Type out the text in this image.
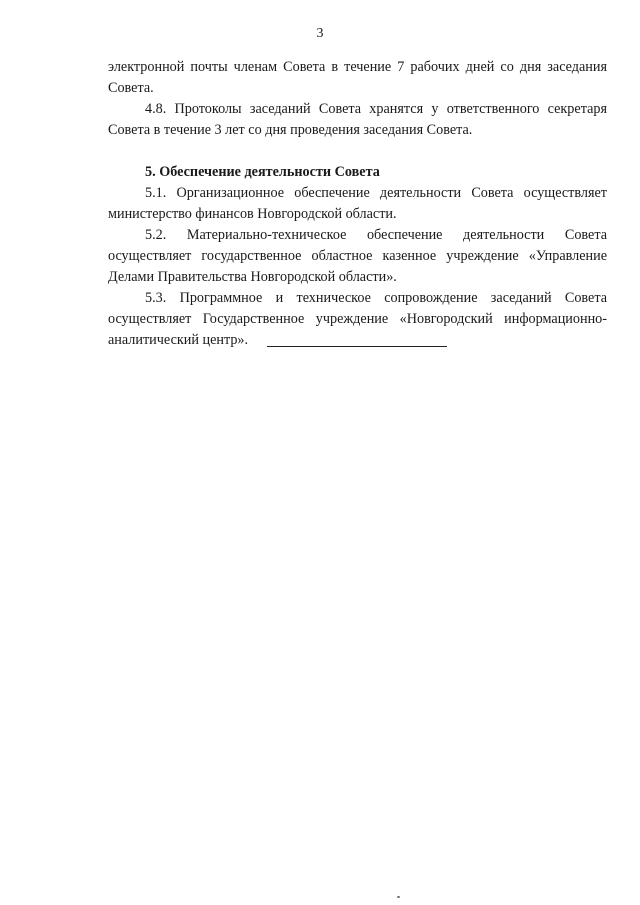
3

электронной почты членам Совета в течение 7 рабочих дней со дня заседания Совета.

4.8. Протоколы заседаний Совета хранятся у ответственного секретаря Совета в течение 3 лет со дня проведения заседания Совета.

5. Обеспечение деятельности Совета

5.1. Организационное обеспечение деятельности Совета осуществляет министерство финансов Новгородской области.

5.2. Материально-техническое обеспечение деятельности Совета осуществляет государственное областное казенное учреждение «Управление Делами Правительства Новгородской области».

5.3. Программное и техническое сопровождение заседаний Совета осуществляет Государственное учреждение «Новгородский информационно-аналитический центр».
